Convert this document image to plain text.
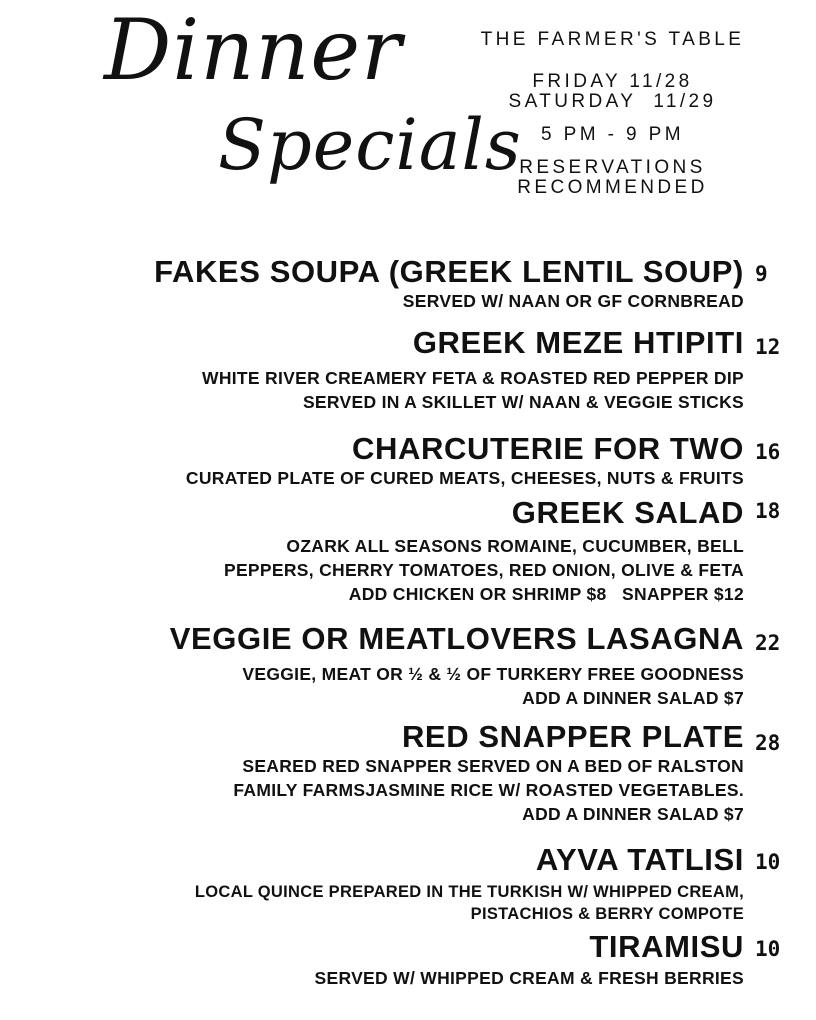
Dinner
Specials
THE FARMER'S TABLE
FRIDAY 11/28
SATURDAY  11/29
5 PM - 9 PM
RESERVATIONS
RECOMMENDED
FAKES SOUPA (GREEK LENTIL SOUP)
SERVED W/ NAAN OR GF CORNBREAD
9
GREEK MEZE HTIPITI
WHITE RIVER CREAMERY FETA & ROASTED RED PEPPER DIP
SERVED IN A SKILLET W/ NAAN & VEGGIE STICKS
12
CHARCUTERIE FOR TWO
CURATED PLATE OF CURED MEATS, CHEESES, NUTS & FRUITS
16
GREEK SALAD
OZARK ALL SEASONS ROMAINE, CUCUMBER, BELL
PEPPERS, CHERRY TOMATOES, RED ONION, OLIVE & FETA
ADD CHICKEN OR SHRIMP $8   SNAPPER $12
18
VEGGIE OR MEATLOVERS LASAGNA
VEGGIE, MEAT OR ½ & ½ OF TURKERY FREE GOODNESS
ADD A DINNER SALAD $7
22
RED SNAPPER PLATE
SEARED RED SNAPPER SERVED ON A BED OF RALSTON
FAMILY FARMSJASMINE RICE W/ ROASTED VEGETABLES.
ADD A DINNER SALAD $7
28
AYVA TATLISI
LOCAL QUINCE PREPARED IN THE TURKISH W/ WHIPPED CREAM,
PISTACHIOS & BERRY COMPOTE
10
TIRAMISU
SERVED W/ WHIPPED CREAM & FRESH BERRIES
10
